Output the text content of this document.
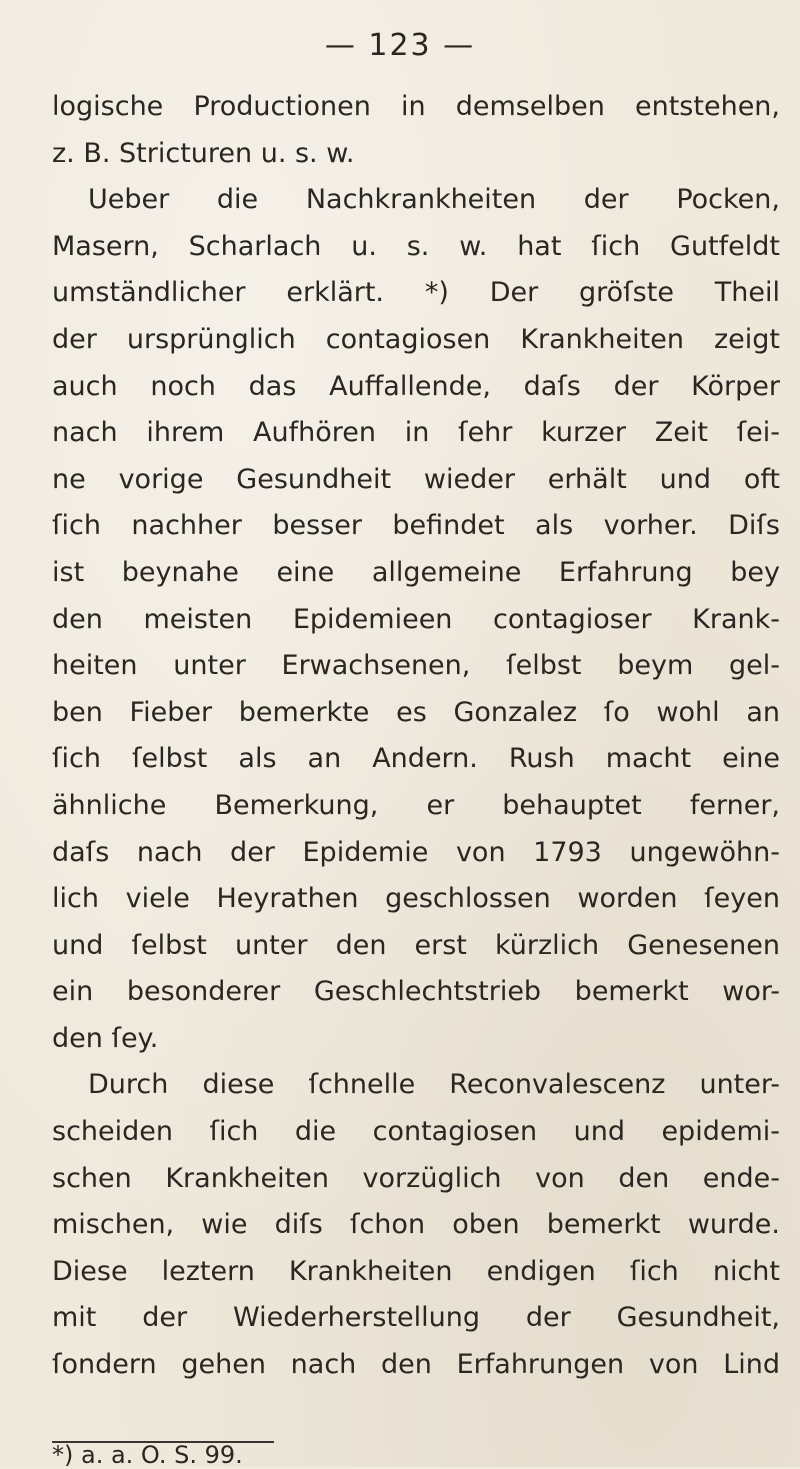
— 123 —
logische Productionen in demselben entstehen,
z. B. Stricturen u. s. w.
Ueber die Nachkrankheiten der Pocken,
Masern, Scharlach u. s. w. hat ſich Gutfeldt
umständlicher erklärt. *) Der gröſste Theil
der ursprünglich contagiosen Krankheiten zeigt
auch noch das Auffallende, daſs der Körper
nach ihrem Aufhören in ſehr kurzer Zeit ſei-
ne vorige Gesundheit wieder erhält und oft
ſich nachher besser befindet als vorher. Diſs
ist beynahe eine allgemeine Erfahrung bey
den meisten Epidemieen contagioser Krank-
heiten unter Erwachsenen, ſelbst beym gel-
ben Fieber bemerkte es Gonzalez ſo wohl an
ſich ſelbst als an Andern. Rush macht eine
ähnliche Bemerkung, er behauptet ferner,
daſs nach der Epidemie von 1793 ungewöhn-
lich viele Heyrathen geschlossen worden ſeyen
und ſelbst unter den erst kürzlich Genesenen
ein besonderer Geschlechtstrieb bemerkt wor-
den ſey.
Durch diese ſchnelle Reconvalescenz unter-
scheiden ſich die contagiosen und epidemi-
schen Krankheiten vorzüglich von den ende-
mischen, wie diſs ſchon oben bemerkt wurde.
Diese leztern Krankheiten endigen ſich nicht
mit der Wiederherstellung der Gesundheit,
ſondern gehen nach den Erfahrungen von Lind
*) a. a. O. S. 99.
